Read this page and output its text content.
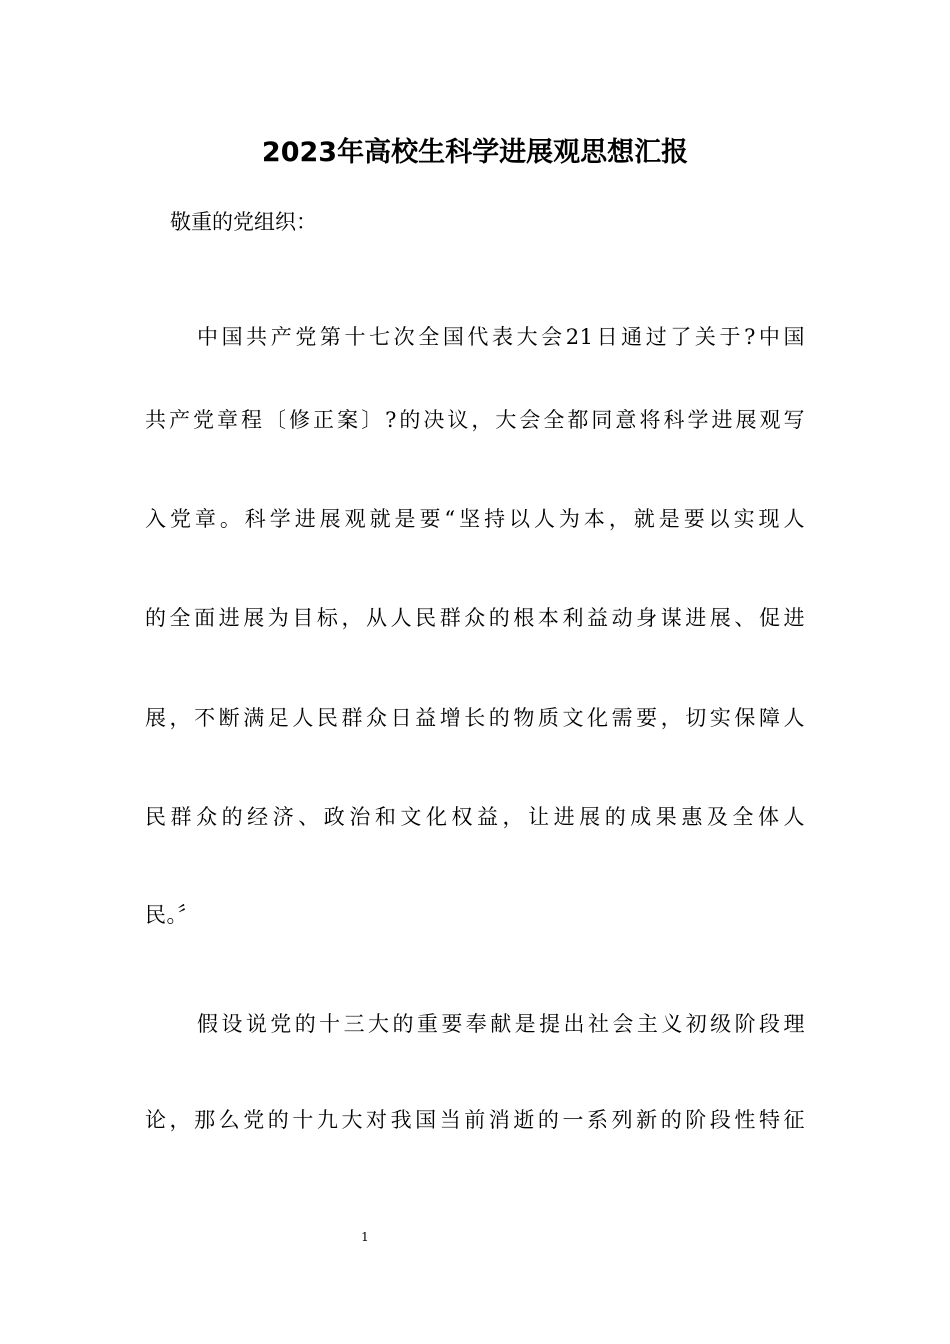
2023年高校生科学进展观思想汇报

敬重的党组织：

中国共产党第十七次全国代表大会21日通过了关于?中国

共产党章程〔修正案〕?的决议，大会全都同意将科学进展观写

入党章。科学进展观就是要“坚持以人为本，就是要以实现人

的全面进展为目标，从人民群众的根本利益动身谋进展、促进

展，不断满足人民群众日益增长的物质文化需要，切实保障人

民群众的经济、政治和文化权益，让进展的成果惠及全体人

民。〞

假设说党的十三大的重要奉献是提出社会主义初级阶段理

论，那么党的十九大对我国当前消逝的一系列新的阶段性特征

1
